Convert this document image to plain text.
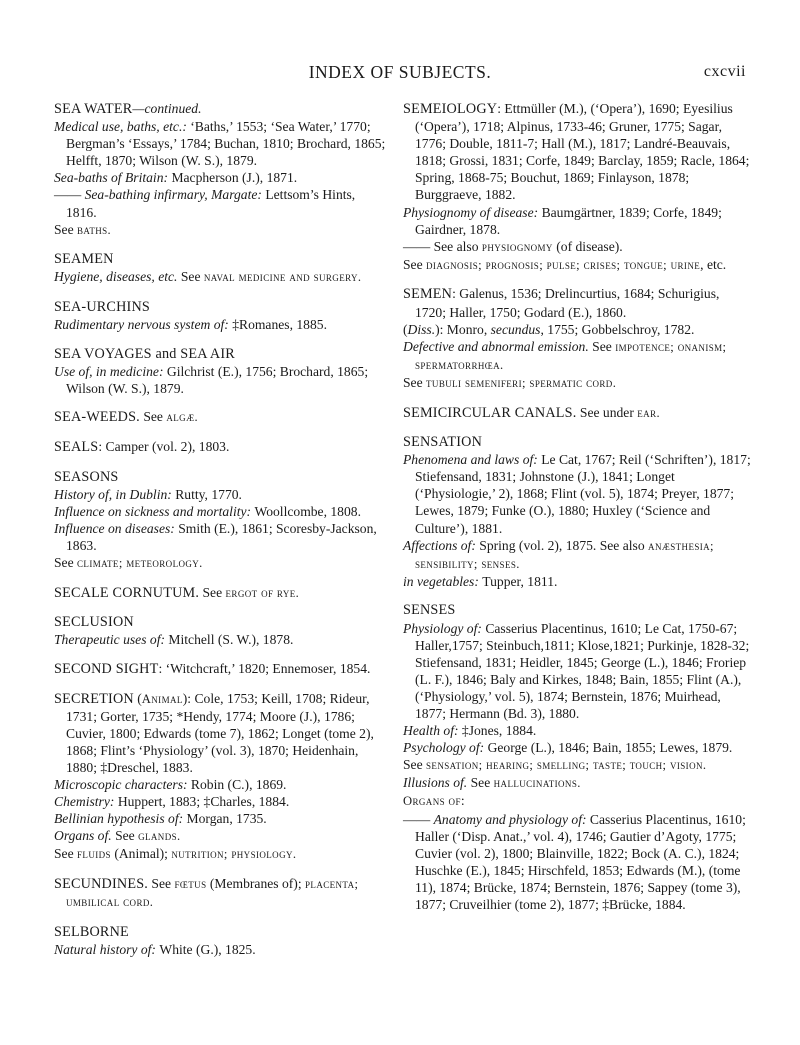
INDEX OF SUBJECTS.	cxcvii
SEA WATER—continued.
Medical use, baths, etc.: ‘Baths,’ 1553; ‘Sea Water,’ 1770; Bergman’s ‘Essays,’ 1784; Buchan, 1810; Brochard, 1865; Helfft, 1870; Wilson (W. S.), 1879.
Sea-baths of Britain: Macpherson (J.), 1871.
—— Sea-bathing infirmary, Margate: Lettsom’s Hints, 1816.
See baths.
SEAMEN
Hygiene, diseases, etc. See naval medicine and surgery.
SEA-URCHINS
Rudimentary nervous system of: ‡Romanes, 1885.
SEA VOYAGES and SEA AIR
Use of, in medicine: Gilchrist (E.), 1756; Brochard, 1865; Wilson (W. S.), 1879.
SEA-WEEDS. See algæ.
SEALS: Camper (vol. 2), 1803.
SEASONS
History of, in Dublin: Rutty, 1770.
Influence on sickness and mortality: Woollcombe, 1808.
Influence on diseases: Smith (E.), 1861; Scoresby-Jackson, 1863.
See climate; meteorology.
SECALE CORNUTUM. See ergot of rye.
SECLUSION
Therapeutic uses of: Mitchell (S. W.), 1878.
SECOND SIGHT: ‘Witchcraft,’ 1820; Ennemoser, 1854.
SECRETION (Animal): Cole, 1753; Keill, 1708; Rideur, 1731; Gorter, 1735; *Hendy, 1774; Moore (J.), 1786; Cuvier, 1800; Edwards (tome 7), 1862; Longet (tome 2), 1868; Flint’s ‘Physiology’ (vol. 3), 1870; Heidenhain, 1880; ‡Dreschel, 1883.
Microscopic characters: Robin (C.), 1869.
Chemistry: Huppert, 1883; ‡Charles, 1884.
Bellinian hypothesis of: Morgan, 1735.
Organs of. See glands.
See fluids (Animal); nutrition; physiology.
SECUNDINES. See fœtus (Membranes of); placenta; umbilical cord.
SELBORNE
Natural history of: White (G.), 1825.
SEMEIOLOGY: Ettmüller (M.), (‘Opera’), 1690; Eyesilius (‘Opera’), 1718; Alpinus, 1733-46; Gruner, 1775; Sagar, 1776; Double, 1811-7; Hall (M.), 1817; Landré-Beauvais, 1818; Grossi, 1831; Corfe, 1849; Barclay, 1859; Racle, 1864; Spring, 1868-75; Bouchut, 1869; Finlayson, 1878; Burggraeve, 1882.
Physiognomy of disease: Baumgärtner, 1839; Corfe, 1849; Gairdner, 1878.
—— See also physiognomy (of disease).
See diagnosis; prognosis; pulse; crises; tongue; urine, etc.
SEMEN: Galenus, 1536; Drelincurtius, 1684; Schurigius, 1720; Haller, 1750; Godard (E.), 1860.
(Diss.): Monro, secundus, 1755; Gobbelschroy, 1782.
Defective and abnormal emission. See impotence; onanism; spermatorrhœa.
See tubuli semeniferi; spermatic cord.
SEMICIRCULAR CANALS. See under ear.
SENSATION
Phenomena and laws of: Le Cat, 1767; Reil (‘Schriften’), 1817; Stiefensand, 1831; Johnstone (J.), 1841; Longet (‘Physiologie,’ 2), 1868; Flint (vol. 5), 1874; Preyer, 1877; Lewes, 1879; Funke (O.), 1880; Huxley (‘Science and Culture’), 1881.
Affections of: Spring (vol. 2), 1875. See also anæsthesia; sensibility; senses.
in vegetables: Tupper, 1811.
SENSES
Physiology of: Casserius Placentinus, 1610; Le Cat, 1750-67; Haller,1757; Steinbuch,1811; Klose,1821; Purkinje, 1828-32; Stiefensand, 1831; Heidler, 1845; George (L.), 1846; Froriep (L. F.), 1846; Baly and Kirkes, 1848; Bain, 1855; Flint (A.), (‘Physiology,’ vol. 5), 1874; Bernstein, 1876; Muirhead, 1877; Hermann (Bd. 3), 1880.
Health of: ‡Jones, 1884.
Psychology of: George (L.), 1846; Bain, 1855; Lewes, 1879.
See sensation; hearing; smelling; taste; touch; vision.
Illusions of. See hallucinations.
Organs of:
—— Anatomy and physiology of: Casserius Placentinus, 1610; Haller (‘Disp. Anat.,’ vol. 4), 1746; Gautier d’Agoty, 1775; Cuvier (vol. 2), 1800; Blainville, 1822; Bock (A. C.), 1824; Huschke (E.), 1845; Hirschfeld, 1853; Edwards (M.), (tome 11), 1874; Brücke, 1874; Bernstein, 1876; Sappey (tome 3), 1877; Cruveilhier (tome 2), 1877; ‡Brücke, 1884.
